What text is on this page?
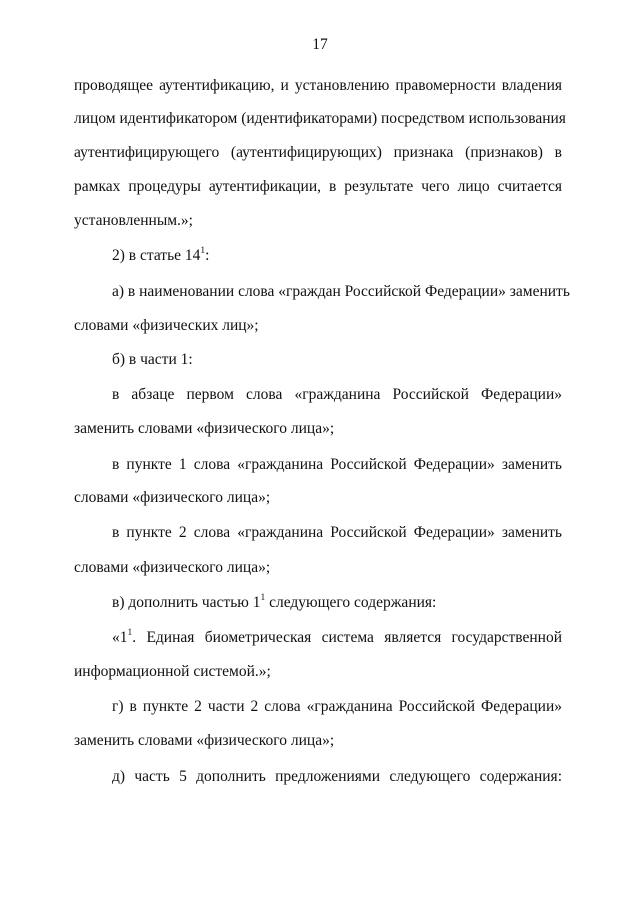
17
проводящее аутентификацию, и установлению правомерности владения
лицом идентификатором (идентификаторами) посредством использования
аутентифицирующего (аутентифицирующих) признака (признаков) в
рамках процедуры аутентификации, в результате чего лицо считается
установленным.»;
2) в статье $14^1$:
а) в наименовании слова «граждан Российской Федерации» заменить
словами «физических лиц»;
б) в части 1:
в абзаце первом слова «гражданина Российской Федерации»
заменить словами «физического лица»;
в пункте 1 слова «гражданина Российской Федерации» заменить
словами «физического лица»;
в пункте 2 слова «гражданина Российской Федерации» заменить
словами «физического лица»;
в) дополнить частью $1^1$ следующего содержания:
«$1^1$. Единая биометрическая система является государственной
информационной системой.»;
г) в пункте 2 части 2 слова «гражданина Российской Федерации»
заменить словами «физического лица»;
д) часть 5 дополнить предложениями следующего содержания:
